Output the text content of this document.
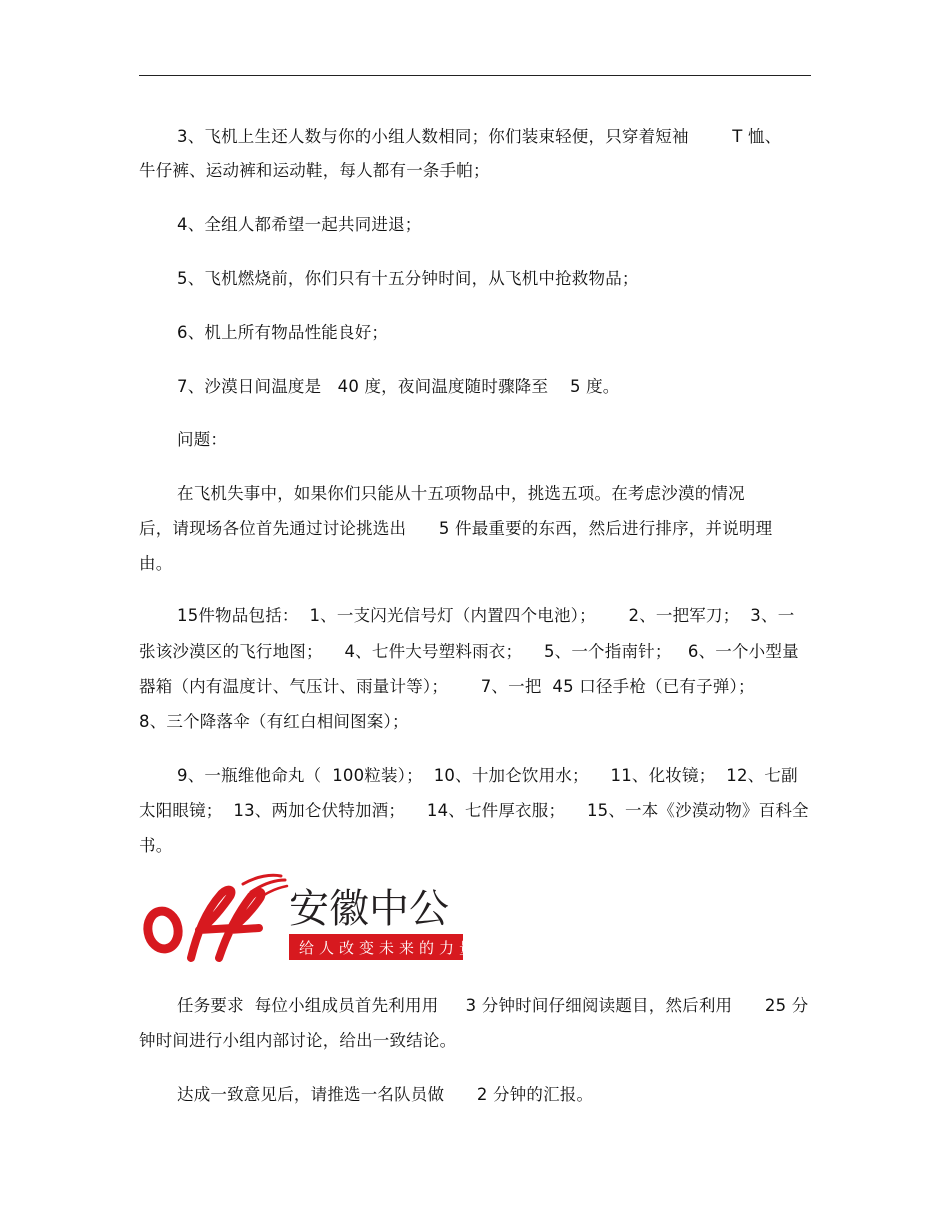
3、飞机上生还人数与你的小组人数相同；你们装束轻便，只穿着短袖        T 恤、
牛仔裤、运动裤和运动鞋，每人都有一条手帕；
4、全组人都希望一起共同进退；
5、飞机燃烧前，你们只有十五分钟时间，从飞机中抢救物品；
6、机上所有物品性能良好；
7、沙漠日间温度是   40 度，夜间温度随时骤降至    5 度。
问题：
在飞机失事中，如果你们只能从十五项物品中，挑选五项。在考虑沙漠的情况
后，请现场各位首先通过讨论挑选出      5 件最重要的东西，然后进行排序，并说明理
由。
15件物品包括：  1、一支闪光信号灯（内置四个电池）；      2、一把军刀；  3、一
张该沙漠区的飞行地图；    4、七件大号塑料雨衣；    5、一个指南针；   6、一个小型量
器箱（内有温度计、气压计、雨量计等）；      7、一把  45 口径手枪（已有子弹）；
8、三个降落伞（有红白相间图案）；
9、一瓶维他命丸（  100粒装）；  10、十加仑饮用水；    11、化妆镜；  12、七副
太阳眼镜；  13、两加仑伏特加酒；    14、七件厚衣服；    15、一本《沙漠动物》百科全
书。
安徽中公
给人改变未来的力量
任务要求  每位小组成员首先利用用     3 分钟时间仔细阅读题目，然后利用      25 分
钟时间进行小组内部讨论，给出一致结论。
达成一致意见后，请推选一名队员做      2 分钟的汇报。
